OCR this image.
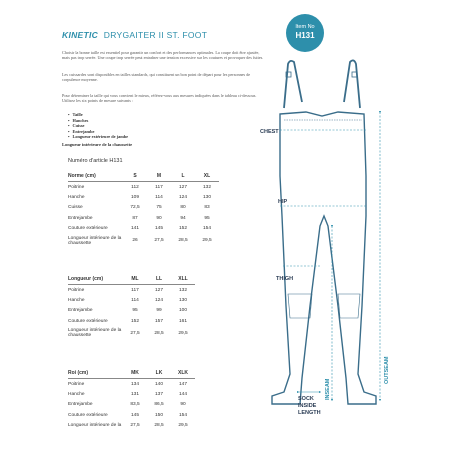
KINETIC DRYGAITER II ST. FOOT
Item No
H131

Choisir la bonne taille est essentiel pour garantir un confort et des performances optimales. La coupe doit être ajustée, mais pas trop serrée. Une coupe trop serrée peut entraîner une tension excessive sur les coutures et provoquer des fuites.

Les cuissardes sont disponibles en tailles standards, qui constituent un bon point de départ pour les personnes de corpulence moyenne.

Pour déterminer la taille qui vous convient le mieux, référez-vous aux mesures indiquées dans le tableau ci-dessous. Utilisez les six points de mesure suivants :

• Taille
• Hanches
• Cuisse
• Entrejambe
• Longueur extérieure de jambe
Longueur intérieure de la chaussette
Numéro d'article H131
Norme (cm)	S	M	L	XL
Poitrine	112	117	127	132
Hanche	109	114	124	130
Cuisse	72,5	75	80	83
Entrejambe	87	90	94	95
Couture extérieure	141	145	152	154
Longueur intérieure de la chaussette	26	27,5	28,5	29,5
Longueur (cm)	ML	LL	XLL
Poitrine	117	127	132
Hanche	114	124	130
Entrejambe	95	99	100
Couture extérieure	152	157	161
Longueur intérieure de la chaussette	27,5	28,5	29,5
Roi (cm)	MK	LK	XLK
Poitrine	134	140	147
Hanche	131	137	144
Entrejambe	83,5	86,5	90
Couture extérieure	145	150	154
Longueur intérieure de la	27,5	28,5	29,5
CHEST
HIP
THIGH
INSEAM
OUTSEAM
SOCK
INSIDE
LENGTH
